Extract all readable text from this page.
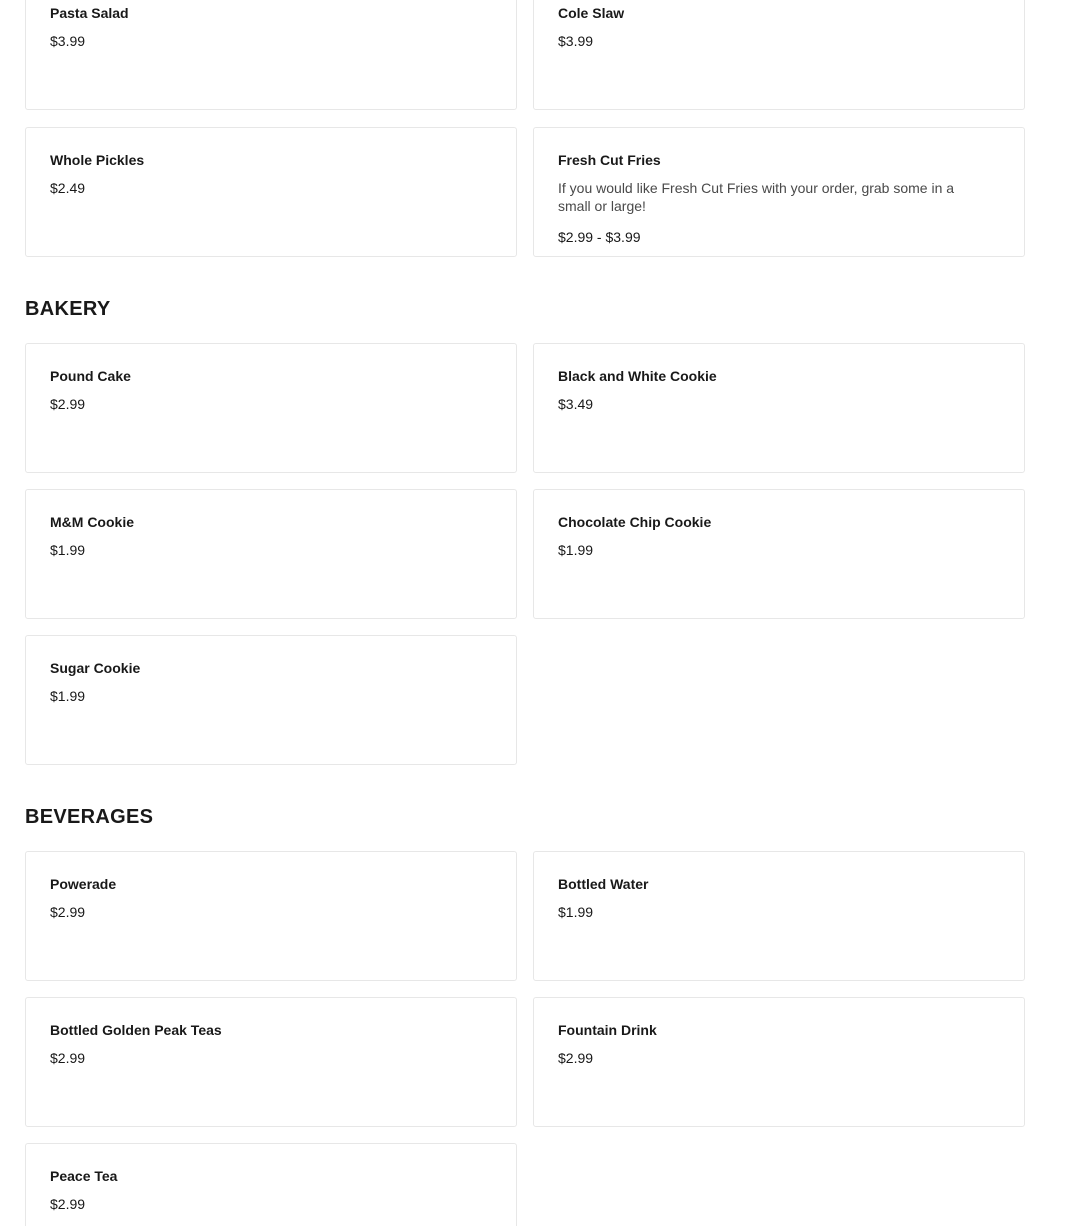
Pasta Salad
$3.99
Cole Slaw
$3.99
Whole Pickles
$2.49
Fresh Cut Fries
If you would like Fresh Cut Fries with your order, grab some in a small or large!
$2.99 - $3.99
BAKERY
Pound Cake
$2.99
Black and White Cookie
$3.49
M&M Cookie
$1.99
Chocolate Chip Cookie
$1.99
Sugar Cookie
$1.99
BEVERAGES
Powerade
$2.99
Bottled Water
$1.99
Bottled Golden Peak Teas
$2.99
Fountain Drink
$2.99
Peace Tea
$2.99
